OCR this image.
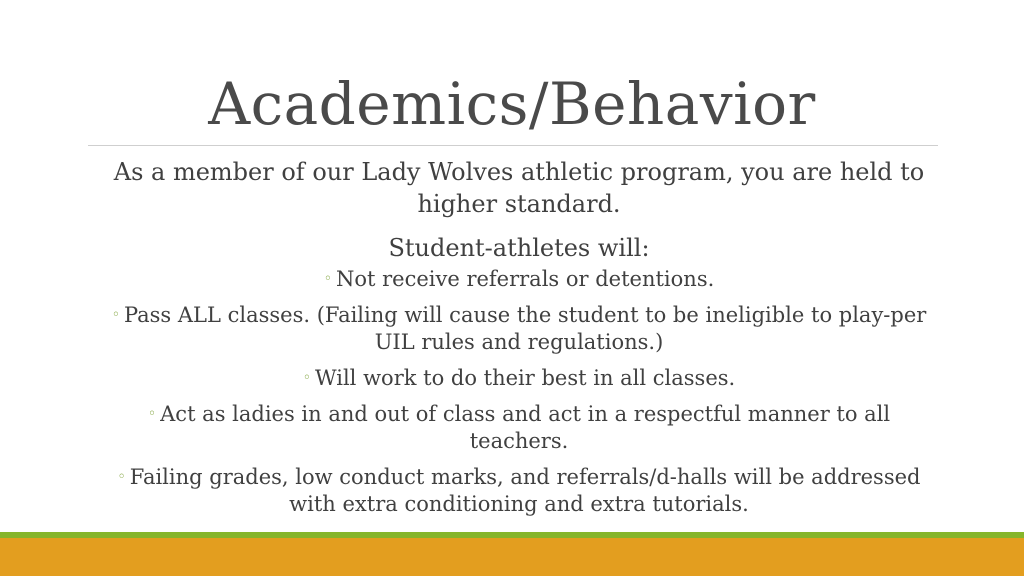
Academics/Behavior

As a member of our Lady Wolves athletic program, you are held to higher standard.

Student-athletes will:

◦ Not receive referrals or detentions.
◦ Pass ALL classes. (Failing will cause the student to be ineligible to play-per UIL rules and regulations.)
◦ Will work to do their best in all classes.
◦ Act as ladies in and out of class and act in a respectful manner to all teachers.
◦ Failing grades, low conduct marks, and referrals/d-halls will be addressed with extra conditioning and extra tutorials.
